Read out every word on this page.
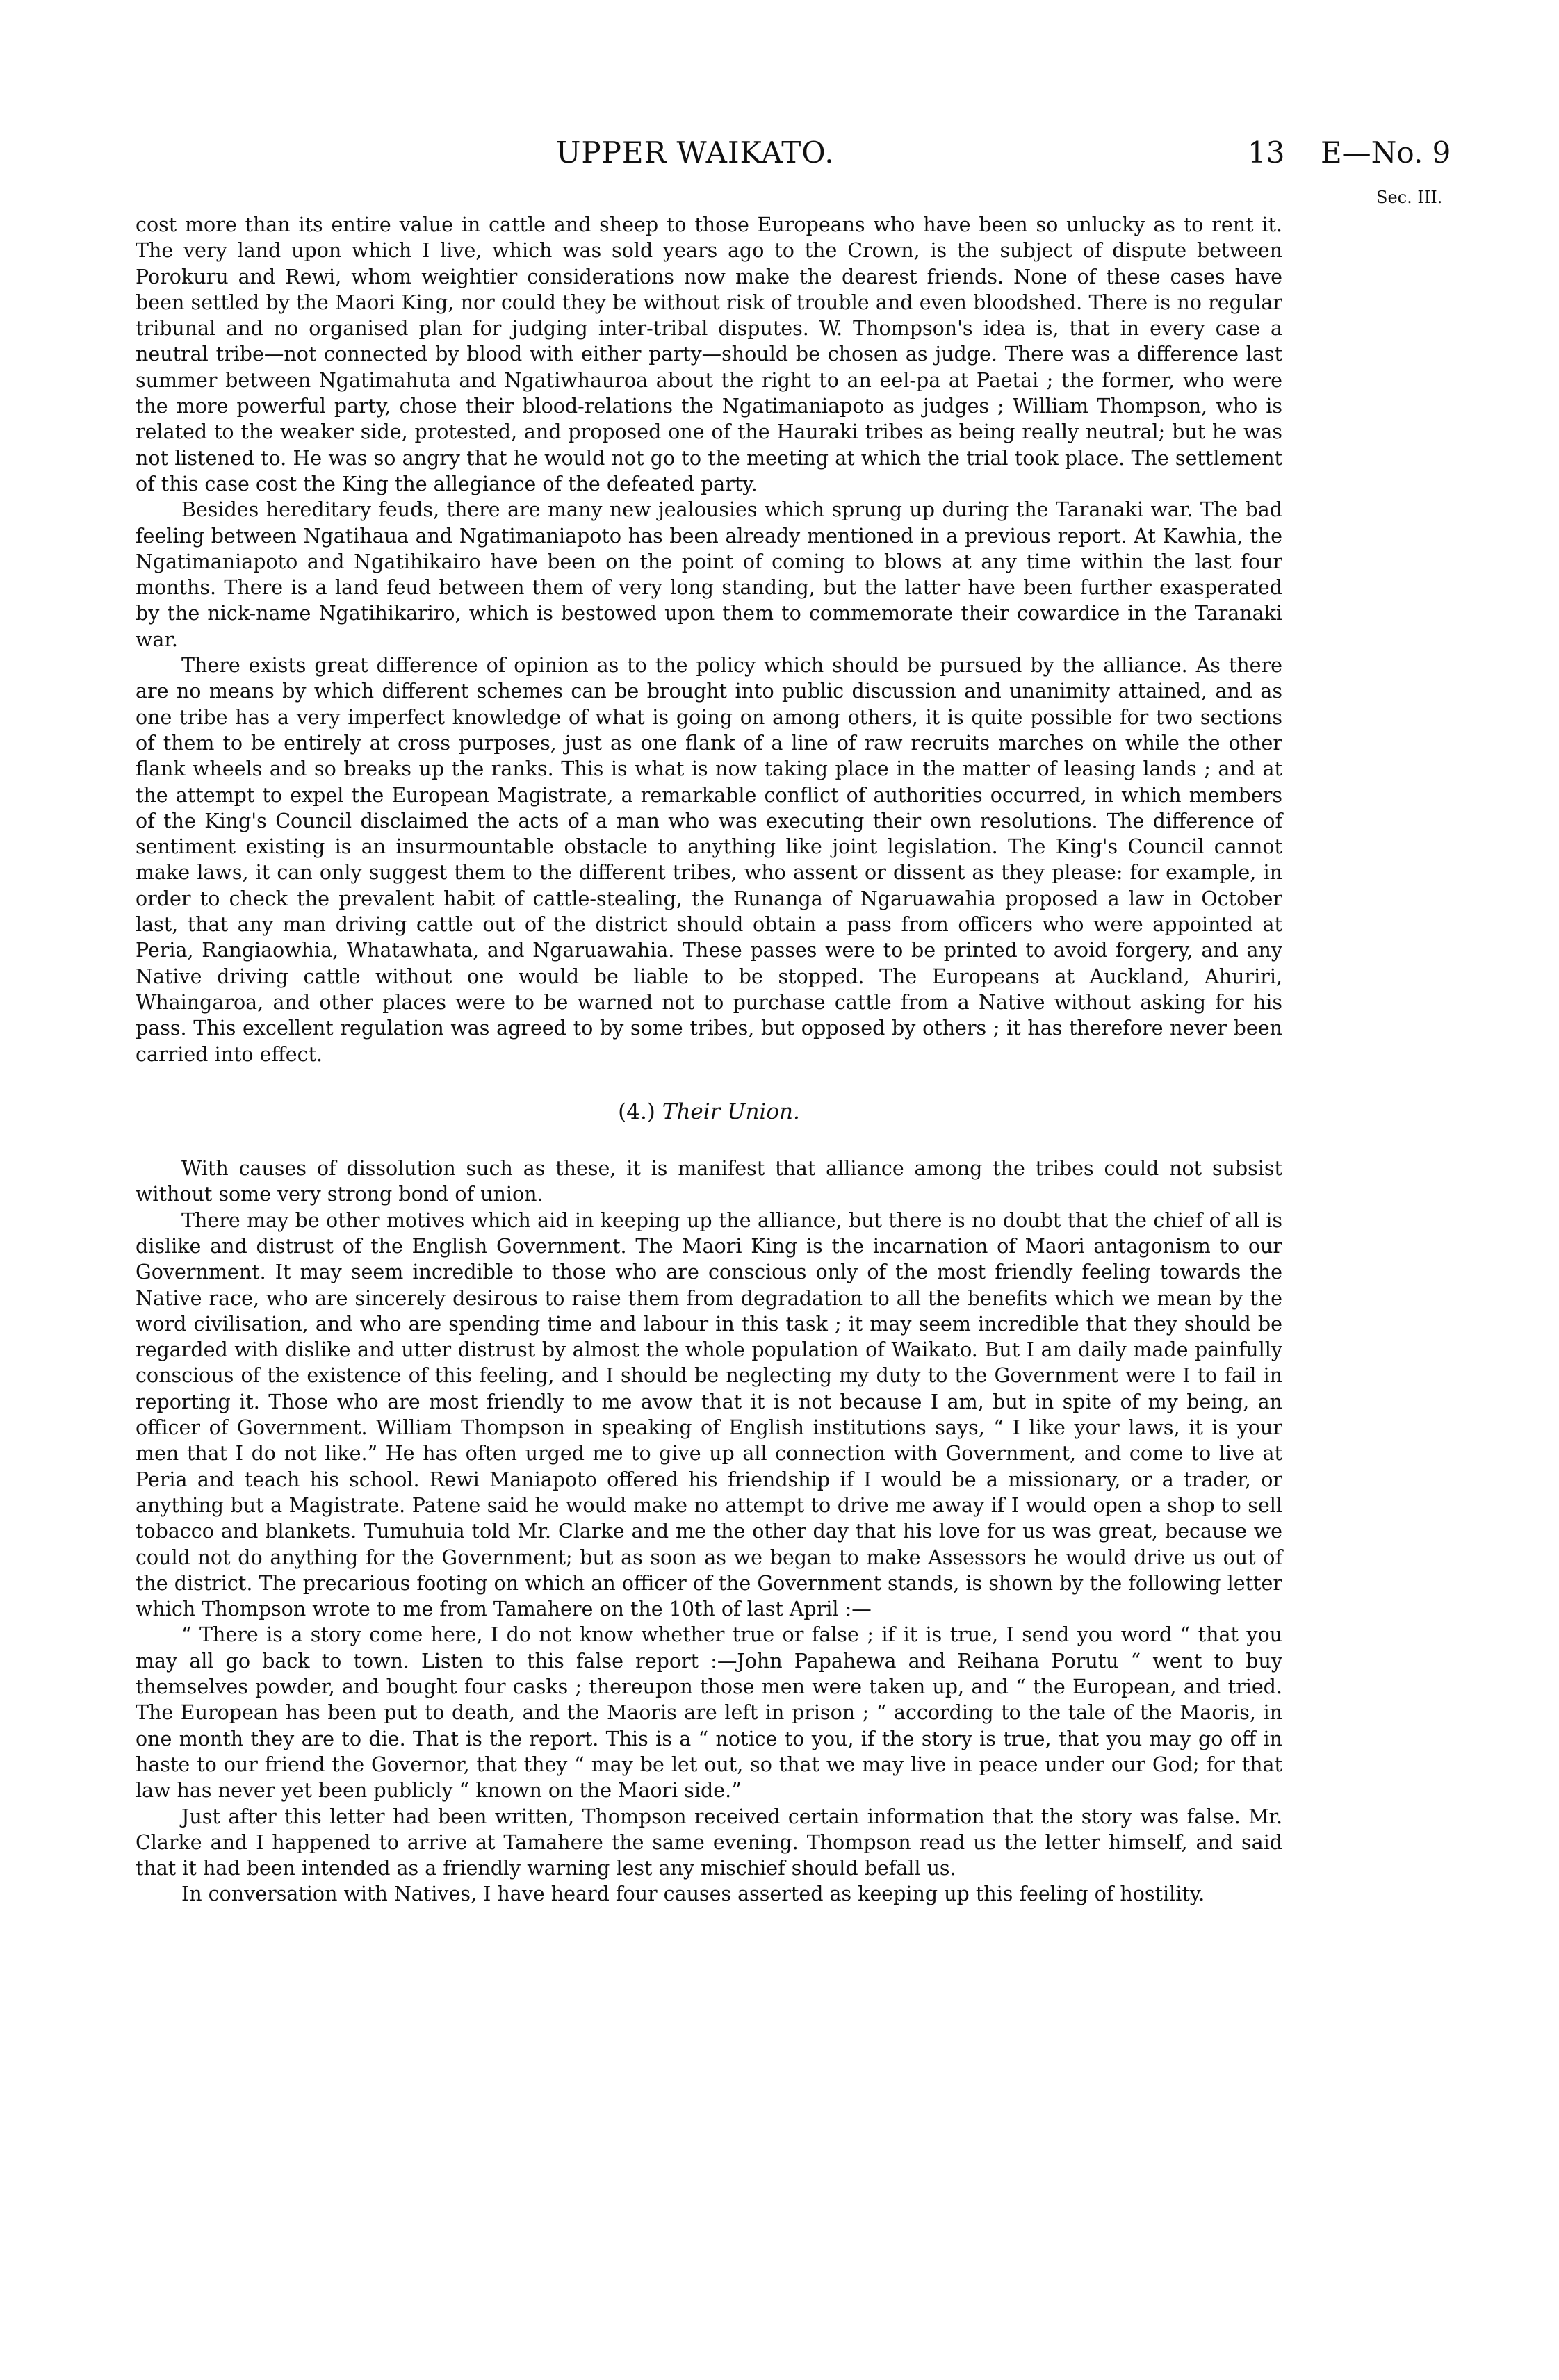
UPPER WAIKATO.	13 E—No. 9
Sec. III.

cost more than its entire value in cattle and sheep to those Europeans who have been so unlucky as to rent it. The very land upon which I live, which was sold years ago to the Crown, is the subject of dispute between Porokuru and Rewi, whom weightier considerations now make the dearest friends. None of these cases have been settled by the Maori King, nor could they be without risk of trouble and even bloodshed. There is no regular tribunal and no organised plan for judging inter-tribal disputes. W. Thompson's idea is, that in every case a neutral tribe—not connected by blood with either party—should be chosen as judge. There was a difference last summer between Ngatimahuta and Ngatiwhauroa about the right to an eel-pa at Paetai ; the former, who were the more powerful party, chose their blood-relations the Ngatimaniapoto as judges ; William Thompson, who is related to the weaker side, protested, and proposed one of the Hauraki tribes as being really neutral; but he was not listened to. He was so angry that he would not go to the meeting at which the trial took place. The settlement of this case cost the King the allegiance of the defeated party.

Besides hereditary feuds, there are many new jealousies which sprung up during the Taranaki war. The bad feeling between Ngatihaua and Ngatimaniapoto has been already mentioned in a previous report. At Kawhia, the Ngatimaniapoto and Ngatihikairo have been on the point of coming to blows at any time within the last four months. There is a land feud between them of very long standing, but the latter have been further exasperated by the nick-name Ngatihikariro, which is bestowed upon them to commemorate their cowardice in the Taranaki war.

There exists great difference of opinion as to the policy which should be pursued by the alliance. As there are no means by which different schemes can be brought into public discussion and unanimity attained, and as one tribe has a very imperfect knowledge of what is going on among others, it is quite possible for two sections of them to be entirely at cross purposes, just as one flank of a line of raw recruits marches on while the other flank wheels and so breaks up the ranks. This is what is now taking place in the matter of leasing lands ; and at the attempt to expel the European Magistrate, a remarkable conflict of authorities occurred, in which members of the King's Council disclaimed the acts of a man who was executing their own resolutions. The difference of sentiment existing is an insurmountable obstacle to anything like joint legislation. The King's Council cannot make laws, it can only suggest them to the different tribes, who assent or dissent as they please: for example, in order to check the prevalent habit of cattle-stealing, the Runanga of Ngaruawahia proposed a law in October last, that any man driving cattle out of the district should obtain a pass from officers who were appointed at Peria, Rangiaowhia, Whatawhata, and Ngaruawahia. These passes were to be printed to avoid forgery, and any Native driving cattle without one would be liable to be stopped. The Europeans at Auckland, Ahuriri, Whaingaroa, and other places were to be warned not to purchase cattle from a Native without asking for his pass. This excellent regulation was agreed to by some tribes, but opposed by others ; it has therefore never been carried into effect.

(4.) Their Union.

With causes of dissolution such as these, it is manifest that alliance among the tribes could not subsist without some very strong bond of union.

There may be other motives which aid in keeping up the alliance, but there is no doubt that the chief of all is dislike and distrust of the English Government. The Maori King is the incarnation of Maori antagonism to our Government. It may seem incredible to those who are conscious only of the most friendly feeling towards the Native race, who are sincerely desirous to raise them from degradation to all the benefits which we mean by the word civilisation, and who are spending time and labour in this task ; it may seem incredible that they should be regarded with dislike and utter distrust by almost the whole population of Waikato. But I am daily made painfully conscious of the existence of this feeling, and I should be neglecting my duty to the Government were I to fail in reporting it. Those who are most friendly to me avow that it is not because I am, but in spite of my being, an officer of Government. William Thompson in speaking of English institutions says, “ I like your laws, it is your men that I do not like.” He has often urged me to give up all connection with Government, and come to live at Peria and teach his school. Rewi Maniapoto offered his friendship if I would be a missionary, or a trader, or anything but a Magistrate. Patene said he would make no attempt to drive me away if I would open a shop to sell tobacco and blankets. Tumuhuia told Mr. Clarke and me the other day that his love for us was great, because we could not do anything for the Government; but as soon as we began to make Assessors he would drive us out of the district. The precarious footing on which an officer of the Government stands, is shown by the following letter which Thompson wrote to me from Tamahere on the 10th of last April :—

“ There is a story come here, I do not know whether true or false ; if it is true, I send you word “ that you may all go back to town. Listen to this false report :—John Papahewa and Reihana Porutu “ went to buy themselves powder, and bought four casks ; thereupon those men were taken up, and “ the European, and tried. The European has been put to death, and the Maoris are left in prison ; “ according to the tale of the Maoris, in one month they are to die. That is the report. This is a “ notice to you, if the story is true, that you may go off in haste to our friend the Governor, that they “ may be let out, so that we may live in peace under our God; for that law has never yet been publicly “ known on the Maori side.”

Just after this letter had been written, Thompson received certain information that the story was false. Mr. Clarke and I happened to arrive at Tamahere the same evening. Thompson read us the letter himself, and said that it had been intended as a friendly warning lest any mischief should befall us.

In conversation with Natives, I have heard four causes asserted as keeping up this feeling of hostility.
